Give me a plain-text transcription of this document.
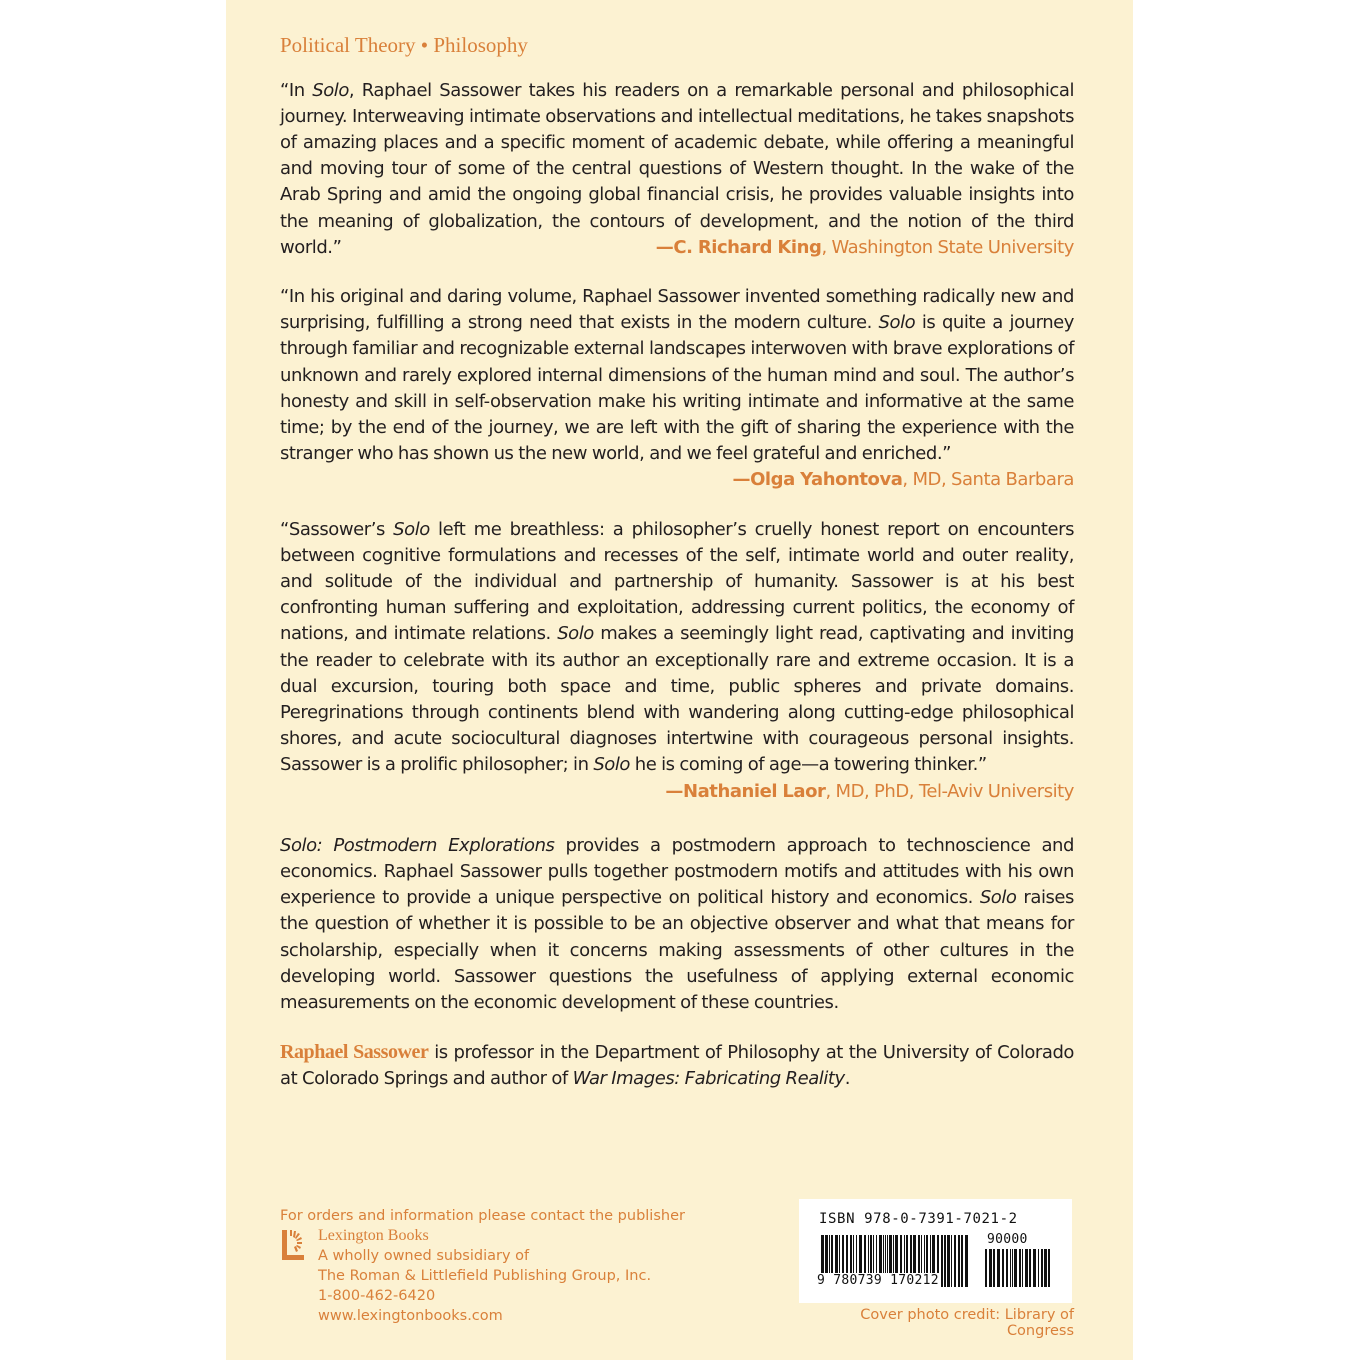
Political Theory • Philosophy
“In Solo, Raphael Sassower takes his readers on a remarkable personal and philosophical journey. Interweaving intimate observations and intellectual meditations, he takes snapshots of amazing places and a specific moment of academic debate, while offering a meaningful and moving tour of some of the central questions of Western thought. In the wake of the Arab Spring and amid the ongoing global financial crisis, he provides valuable insights into the meaning of globalization, the contours of development, and the notion of the third world.”	—C. Richard King, Washington State University
“In his original and daring volume, Raphael Sassower invented something radically new and surprising, fulfilling a strong need that exists in the modern culture. Solo is quite a journey through familiar and recognizable external landscapes interwoven with brave explorations of unknown and rarely explored internal dimensions of the human mind and soul. The author’s honesty and skill in self-observation make his writing intimate and informative at the same time; by the end of the journey, we are left with the gift of sharing the experience with the stranger who has shown us the new world, and we feel grateful and enriched.”
—Olga Yahontova, MD, Santa Barbara
“Sassower’s Solo left me breathless: a philosopher’s cruelly honest report on encounters between cognitive formulations and recesses of the self, intimate world and outer reality, and solitude of the individual and partnership of humanity. Sassower is at his best confronting human suffering and exploitation, addressing current politics, the economy of nations, and intimate relations. Solo makes a seemingly light read, captivating and inviting the reader to celebrate with its author an exceptionally rare and extreme occasion. It is a dual excursion, touring both space and time, public spheres and private domains. Peregrinations through continents blend with wandering along cutting-edge philosophical shores, and acute sociocultural diagnoses intertwine with courageous personal insights. Sassower is a prolific philosopher; in Solo he is coming of age—a towering thinker.”
—Nathaniel Laor, MD, PhD, Tel-Aviv University
Solo: Postmodern Explorations provides a postmodern approach to technoscience and economics. Raphael Sassower pulls together postmodern motifs and attitudes with his own experience to provide a unique perspective on political history and economics. Solo raises the question of whether it is possible to be an objective observer and what that means for scholarship, especially when it concerns making assessments of other cultures in the developing world. Sassower questions the usefulness of applying external economic measurements on the economic development of these countries.
Raphael Sassower is professor in the Department of Philosophy at the University of Colorado at Colorado Springs and author of War Images: Fabricating Reality.
For orders and information please contact the publisher
Lexington Books
A wholly owned subsidiary of
The Roman & Littlefield Publishing Group, Inc.
1-800-462-6420
www.lexingtonbooks.com
ISBN 978-0-7391-7021-2
9 780739 170212
90000
Cover photo credit: Library of Congress
